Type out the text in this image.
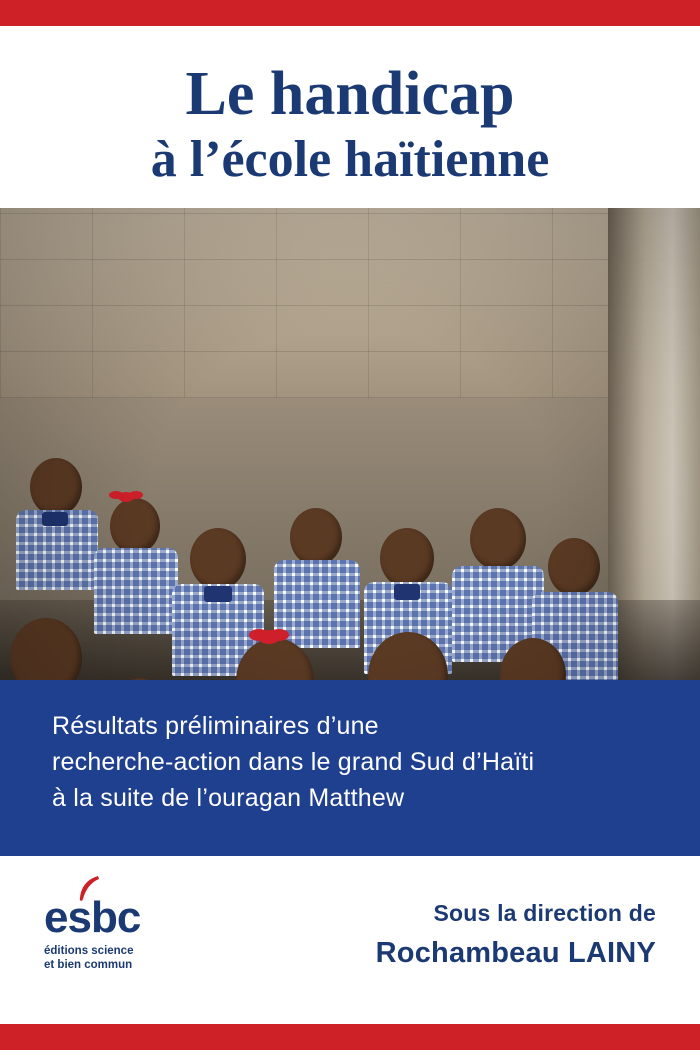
Le handicap
à l’école haïtienne
Résultats préliminaires d’une
recherche-action dans le grand Sud d’Haïti
à la suite de l’ouragan Matthew
esbc
éditions science
et bien commun
Sous la direction de
Rochambeau LAINY
